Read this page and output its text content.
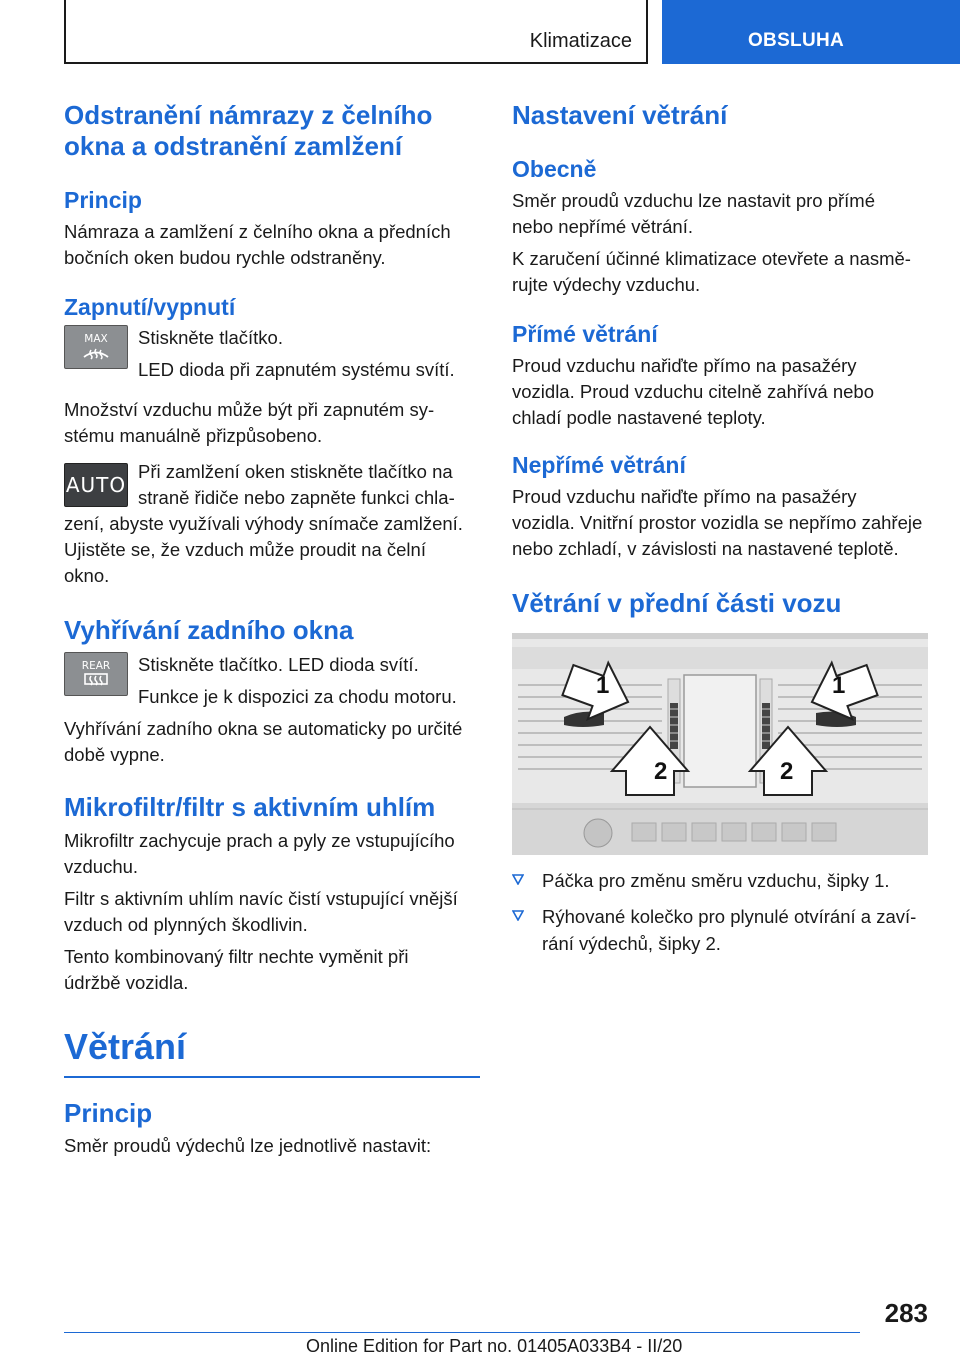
Klimatizace	OBSLUHA
Odstranění námrazy z čelního
okna a odstranění zamlžení
Princip
Námraza a zamlžení z čelního okna a předních
bočních oken budou rychle odstraněny.
Zapnutí/vypnutí
MAX Stiskněte tlačítko.
LED dioda při zapnutém systému svítí.
Množství vzduchu může být při zapnutém sy‐
stému manuálně přizpůsobeno.
AUTO
Při zamlžení oken stiskněte tlačítko na
straně řidiče nebo zapněte funkci chla‐
zení, abyste využívali výhody snímače zamlžení.
Ujistěte se, že vzduch může proudit na čelní
okno.
Vyhřívání zadního okna
REAR Stiskněte tlačítko. LED dioda svítí.
Funkce je k dispozici za chodu motoru.
Vyhřívání zadního okna se automaticky po určité
době vypne.
Mikrofiltr/filtr s aktivním uhlím
Mikrofiltr zachycuje prach a pyly ze vstupujícího
vzduchu.
Filtr s aktivním uhlím navíc čistí vstupující vnější
vzduch od plynných škodlivin.
Tento kombinovaný filtr nechte vyměnit při
údržbě vozidla.
Větrání
Princip
Směr proudů výdechů lze jednotlivě nastavit:
Nastavení větrání
Obecně
Směr proudů vzduchu lze nastavit pro přímé
nebo nepřímé větrání.
K zaručení účinné klimatizace otevřete a nasmě‐
rujte výdechy vzduchu.
Přímé větrání
Proud vzduchu nařiďte přímo na pasažéry
vozidla. Proud vzduchu citelně zahřívá nebo
chladí podle nastavené teploty.
Nepřímé větrání
Proud vzduchu nařiďte přímo na pasažéry
vozidla. Vnitřní prostor vozidla se nepřímo zahřeje
nebo zchladí, v závislosti na nastavené teplotě.
Větrání v přední části vozu
1	1
2	2
Páčka pro změnu směru vzduchu, šipky 1.
Rýhované kolečko pro plynulé otvírání a zaví‐
rání výdechů, šipky 2.
283
Online Edition for Part no. 01405A033B4 - II/20
